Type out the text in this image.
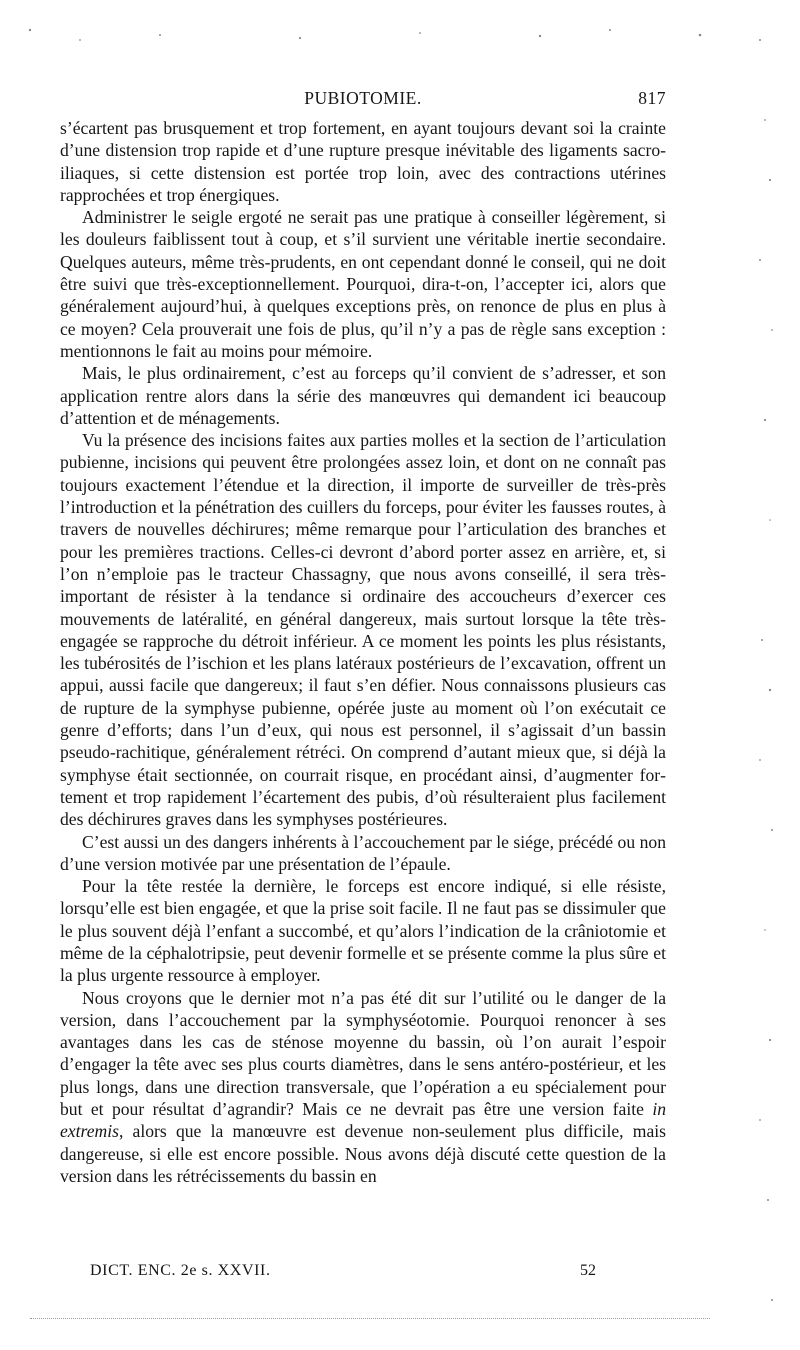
PUBIOTOMIE.	817

s’écartent pas brusquement et trop fortement, en ayant toujours devant soi la crainte d’une distension trop rapide et d’une rupture presque inévitable des ligaments sacro-iliaques, si cette distension est portée trop loin, avec des contractions utérines rapprochées et trop énergiques.

Administrer le seigle ergoté ne serait pas une pratique à conseiller légèrement, si les douleurs faiblissent tout à coup, et s’il survient une véritable inertie secondaire. Quelques auteurs, même très-prudents, en ont cependant donné le conseil, qui ne doit être suivi que très-exceptionnellement. Pourquoi, dira-t-on, l’accepter ici, alors que généralement aujourd’hui, à quelques exceptions près, on renonce de plus en plus à ce moyen? Cela prouverait une fois de plus, qu’il n’y a pas de règle sans exception : mentionnons le fait au moins pour mémoire.

Mais, le plus ordinairement, c’est au forceps qu’il convient de s’adresser, et son application rentre alors dans la série des manœuvres qui demandent ici beaucoup d’attention et de ménagements.

Vu la présence des incisions faites aux parties molles et la section de l’articulation pubienne, incisions qui peuvent être prolongées assez loin, et dont on ne connaît pas toujours exactement l’étendue et la direction, il importe de surveiller de très-près l’introduction et la pénétration des cuillers du forceps, pour éviter les fausses routes, à travers de nouvelles déchirures; même remarque pour l’articulation des branches et pour les premières tractions. Celles-ci devront d’abord porter assez en arrière, et, si l’on n’emploie pas le tracteur Chassagny, que nous avons conseillé, il sera très-important de résister à la tendance si ordinaire des accoucheurs d’exercer ces mouvements de latéralité, en général dangereux, mais surtout lorsque la tête très-engagée se rapproche du détroit inférieur. A ce moment les points les plus résistants, les tubérosités de l’ischion et les plans latéraux postérieurs de l’excavation, offrent un appui, aussi facile que dangereux; il faut s’en défier. Nous connaissons plusieurs cas de rupture de la symphyse pubienne, opérée juste au moment où l’on exécutait ce genre d’efforts; dans l’un d’eux, qui nous est personnel, il s’agissait d’un bassin pseudo-rachitique, généralement rétréci. On comprend d’autant mieux que, si déjà la symphyse était sectionnée, on courrait risque, en procédant ainsi, d’augmenter fortement et trop rapidement l’écartement des pubis, d’où résulteraient plus facilement des déchirures graves dans les symphyses postérieures.

C’est aussi un des dangers inhérents à l’accouchement par le siége, précédé ou non d’une version motivée par une présentation de l’épaule.

Pour la tête restée la dernière, le forceps est encore indiqué, si elle résiste, lorsqu’elle est bien engagée, et que la prise soit facile. Il ne faut pas se dissimuler que le plus souvent déjà l’enfant a succombé, et qu’alors l’indication de la crâniotomie et même de la céphalotripsie, peut devenir formelle et se présente comme la plus sûre et la plus urgente ressource à employer.

Nous croyons que le dernier mot n’a pas été dit sur l’utilité ou le danger de la version, dans l’accouchement par la symphyséotomie. Pourquoi renoncer à ses avantages dans les cas de sténose moyenne du bassin, où l’on aurait l’espoir d’engager la tête avec ses plus courts diamètres, dans le sens antéro-postérieur, et les plus longs, dans une direction transversale, que l’opération a eu spécialement pour but et pour résultat d’agrandir? Mais ce ne devrait pas être une version faite in extremis, alors que la manœuvre est devenue non-seulement plus difficile, mais dangereuse, si elle est encore possible. Nous avons déjà discuté cette question de la version dans les rétrécissements du bassin en

DICT. ENC. 2e s. XXVII.	52
